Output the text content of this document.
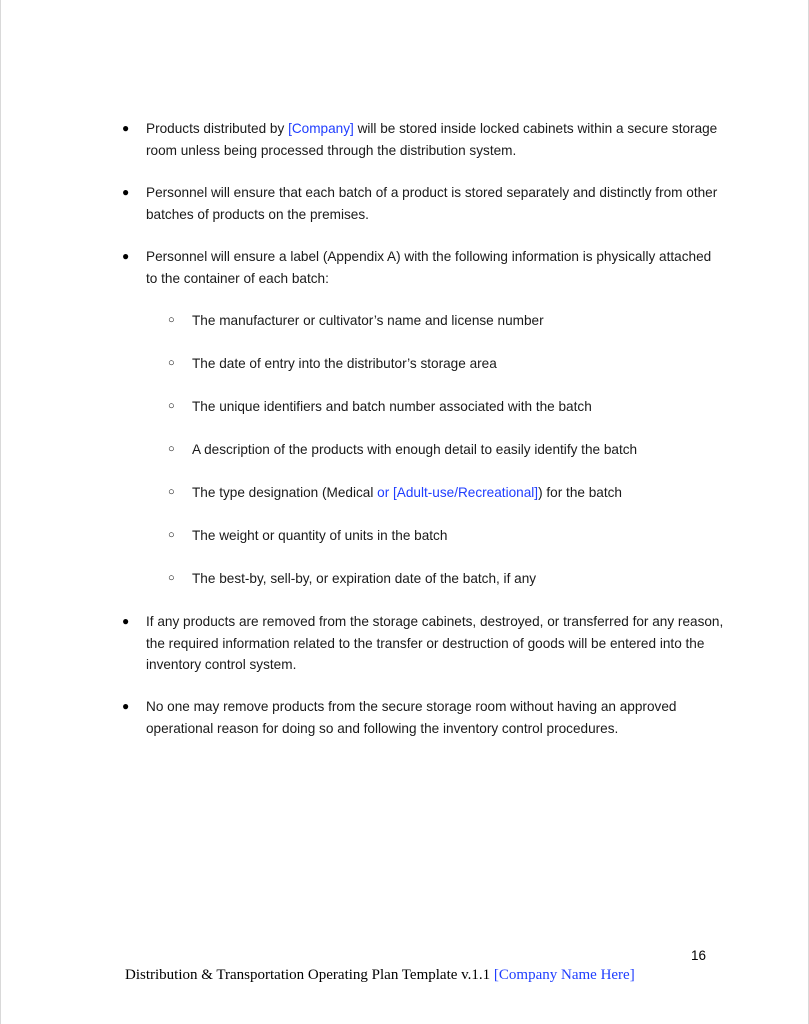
● Products distributed by [Company] will be stored inside locked cabinets within a secure storage room unless being processed through the distribution system.
● Personnel will ensure that each batch of a product is stored separately and distinctly from other batches of products on the premises.
● Personnel will ensure a label (Appendix A) with the following information is physically attached to the container of each batch:
○ The manufacturer or cultivator’s name and license number
○ The date of entry into the distributor’s storage area
○ The unique identifiers and batch number associated with the batch
○ A description of the products with enough detail to easily identify the batch
○ The type designation (Medical or [Adult-use/Recreational]) for the batch
○ The weight or quantity of units in the batch
○ The best-by, sell-by, or expiration date of the batch, if any
● If any products are removed from the storage cabinets, destroyed, or transferred for any reason, the required information related to the transfer or destruction of goods will be entered into the inventory control system.
● No one may remove products from the secure storage room without having an approved operational reason for doing so and following the inventory control procedures.
16
Distribution & Transportation Operating Plan Template v.1.1 [Company Name Here]
